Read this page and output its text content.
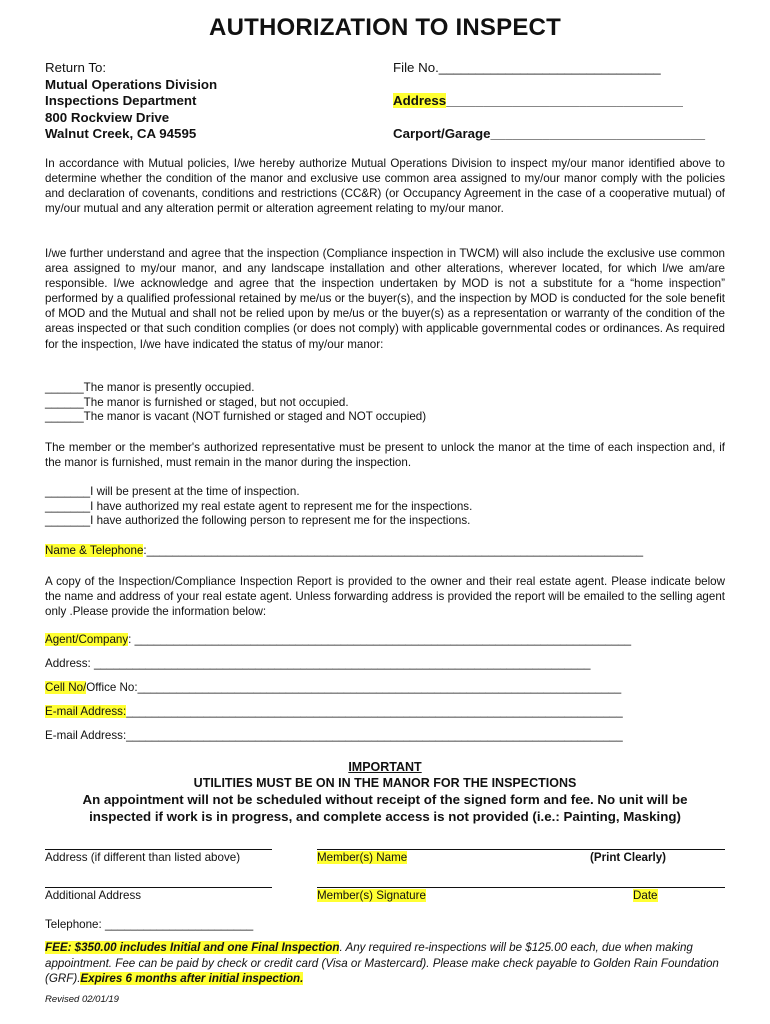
AUTHORIZATION TO INSPECT
Return To:
Mutual Operations Division
Inspections Department
800 Rockview Drive
Walnut Creek, CA 94595
File No.______________________________
Address________________________________
Carport/Garage_____________________________
In accordance with Mutual policies, I/we hereby authorize Mutual Operations Division to inspect my/our manor identified above to determine whether the condition of the manor and exclusive use common area assigned to my/our manor comply with the policies and declaration of covenants, conditions and restrictions (CC&R) (or Occupancy Agreement in the case of a cooperative mutual) of my/our mutual and any alteration permit or alteration agreement relating to my/our manor.
I/we further understand and agree that the inspection (Compliance inspection in TWCM) will also include the exclusive use common area assigned to my/our manor, and any landscape installation and other alterations, wherever located, for which I/we am/are responsible. I/we acknowledge and agree that the inspection undertaken by MOD is not a substitute for a “home inspection” performed by a qualified professional retained by me/us or the buyer(s), and the inspection by MOD is conducted for the sole benefit of MOD and the Mutual and shall not be relied upon by me/us or the buyer(s) as a representation or warranty of the condition of the areas inspected or that such condition complies (or does not comply) with applicable governmental codes or ordinances. As required for the inspection, I/we have indicated the status of my/our manor:
______The manor is presently occupied.
______The manor is furnished or staged, but not occupied.
______The manor is vacant (NOT furnished or staged and NOT occupied)
The member or the member's authorized representative must be present to unlock the manor at the time of each inspection and, if the manor is furnished, must remain in the manor during the inspection.
_______I will be present at the time of inspection.
_______I have authorized my real estate agent to represent me for the inspections.
_______I have authorized the following person to represent me for the inspections.
Name & Telephone:_____________________________________________________________________________
A copy of the Inspection/Compliance Inspection Report is provided to the owner and their real estate agent. Please indicate below the name and address of your real estate agent. Unless forwarding address is provided the report will be emailed to the selling agent only .Please provide the information below:
Agent/Company: _____________________________________________________________________________
Address: _____________________________________________________________________________
Cell No/Office No:___________________________________________________________________________
E-mail Address:_____________________________________________________________________________
E-mail Address:_____________________________________________________________________________
IMPORTANT
UTILITIES MUST BE ON IN THE MANOR FOR THE INSPECTIONS
An appointment will not be scheduled without receipt of the signed form and fee. No unit will be
inspected if work is in progress, and complete access is not provided (i.e.: Painting, Masking)
Address (if different than listed above)	Member(s) Name	(Print Clearly)
Additional Address	Member(s) Signature	Date
Telephone: _______________________
FEE: $350.00 includes Initial and one Final Inspection. Any required re-inspections will be $125.00 each, due when making appointment. Fee can be paid by check or credit card (Visa or Mastercard). Please make check payable to Golden Rain Foundation (GRF).Expires 6 months after initial inspection.
Revised 02/01/19
